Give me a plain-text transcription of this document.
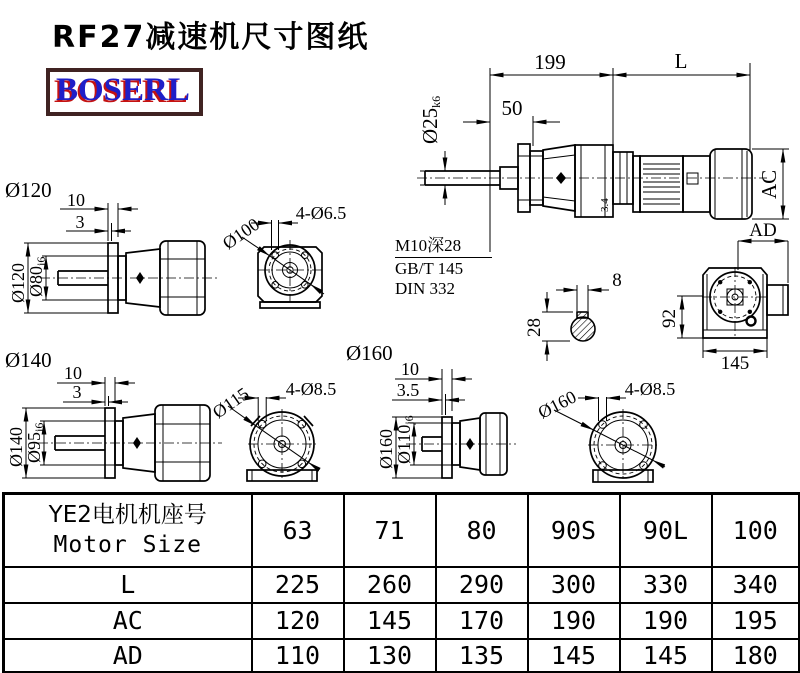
RF27减速机尺寸图纸
BOSERL
199	L
50
Ø25k6
AC
3.4
M10深28
GB/T 145
DIN 332
AD
92
145
8
28
Ø120 10
3
Ø120
Ø80j6
4-Ø6.5
Ø100
Ø140
10
3
Ø140
Ø95j6
4-Ø8.5
Ø115
Ø160
10
3.5
Ø160
Ø110j6
4-Ø8.5
Ø160
YE2电机机座号
Motor Size	63	71	80	90S	90L	100
L	225	260	290	300	330	340
AC	120	145	170	190	190	195
AD	110	130	135	145	145	180
